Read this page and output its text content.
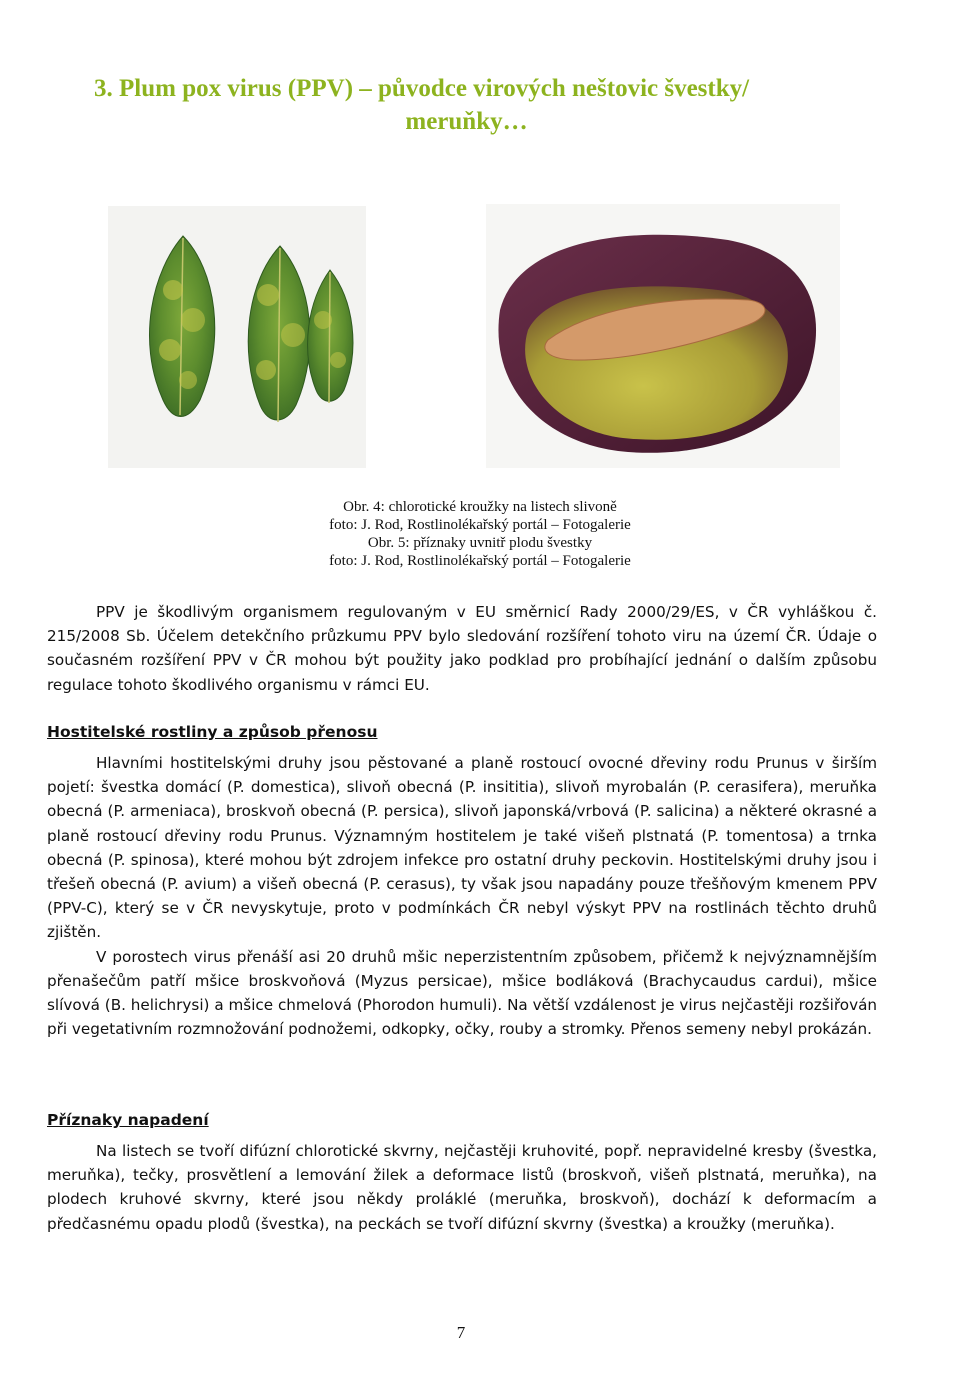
3. Plum pox virus (PPV) – původce virových neštovic švestky/
meruňky…
Obr. 4: chlorotické kroužky na listech slivoně
foto: J. Rod, Rostlinolékařský portál – Fotogalerie
Obr. 5: příznaky uvnitř plodu švestky
foto: J. Rod, Rostlinolékařský portál – Fotogalerie

PPV je škodlivým organismem regulovaným v EU směrnicí Rady 2000/29/ES, v ČR vyhláškou č. 215/2008 Sb. Účelem detekčního průzkumu PPV bylo sledování rozšíření tohoto viru na území ČR. Údaje o současném rozšíření PPV v ČR mohou být použity jako podklad pro probíhající jednání o dalším způsobu regulace tohoto škodlivého organismu v rámci EU.

Hostitelské rostliny a způsob přenosu

Hlavními hostitelskými druhy jsou pěstované a planě rostoucí ovocné dřeviny rodu Prunus v širším pojetí: švestka domácí (P. domestica), slivoň obecná (P. insititia), slivoň myrobalán (P. cerasifera), meruňka obecná (P. armeniaca), broskvoň obecná (P. persica), slivoň japonská/vrbová (P. salicina) a některé okrasné a planě rostoucí dřeviny rodu Prunus. Významným hostitelem je také višeň plstnatá (P. tomentosa) a trnka obecná (P. spinosa), které mohou být zdrojem infekce pro ostatní druhy peckovin. Hostitelskými druhy jsou i třešeň obecná (P. avium) a višeň obecná (P. cerasus), ty však jsou napadány pouze třešňovým kmenem PPV (PPV-C), který se v ČR nevyskytuje, proto v podmínkách ČR nebyl výskyt PPV na rostlinách těchto druhů zjištěn.

V porostech virus přenáší asi 20 druhů mšic neperzistentním způsobem, přičemž k nejvýznamnějším přenašečům patří mšice broskvoňová (Myzus persicae), mšice bodláková (Brachycaudus cardui), mšice slívová (B. helichrysi) a mšice chmelová (Phorodon humuli). Na větší vzdálenost je virus nejčastěji rozšiřován při vegetativním rozmnožování podnožemi, odkopky, očky, rouby a stromky. Přenos semeny nebyl prokázán.

Příznaky napadení

Na listech se tvoří difúzní chlorotické skvrny, nejčastěji kruhovité, popř. nepravidelné kresby (švestka, meruňka), tečky, prosvětlení a lemování žilek a deformace listů (broskvoň, višeň plstnatá, meruňka), na plodech kruhové skvrny, které jsou někdy proláklé (meruňka, broskvoň), dochází k deformacím a předčasnému opadu plodů (švestka), na peckách se tvoří difúzní skvrny (švestka) a kroužky (meruňka).

7
